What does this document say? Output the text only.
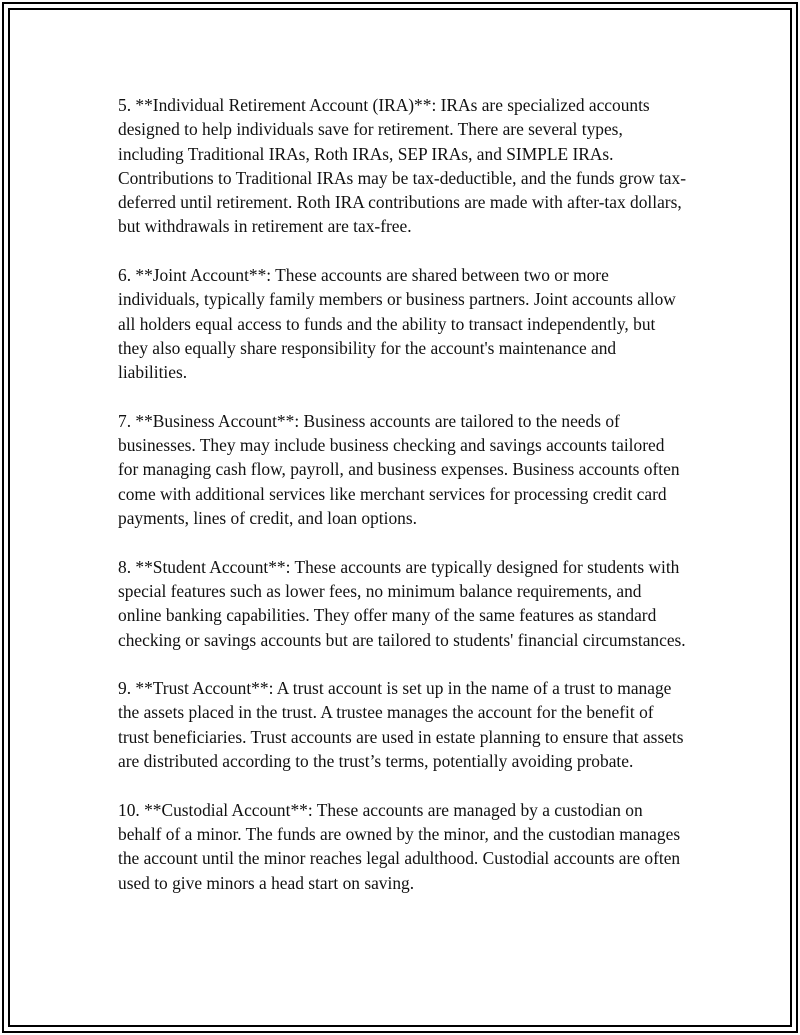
5. **Individual Retirement Account (IRA)**: IRAs are specialized accounts designed to help individuals save for retirement. There are several types, including Traditional IRAs, Roth IRAs, SEP IRAs, and SIMPLE IRAs. Contributions to Traditional IRAs may be tax-deductible, and the funds grow tax-deferred until retirement. Roth IRA contributions are made with after-tax dollars, but withdrawals in retirement are tax-free.

6. **Joint Account**: These accounts are shared between two or more individuals, typically family members or business partners. Joint accounts allow all holders equal access to funds and the ability to transact independently, but they also equally share responsibility for the account's maintenance and liabilities.

7. **Business Account**: Business accounts are tailored to the needs of businesses. They may include business checking and savings accounts tailored for managing cash flow, payroll, and business expenses. Business accounts often come with additional services like merchant services for processing credit card payments, lines of credit, and loan options.

8. **Student Account**: These accounts are typically designed for students with special features such as lower fees, no minimum balance requirements, and online banking capabilities. They offer many of the same features as standard checking or savings accounts but are tailored to students' financial circumstances.

9. **Trust Account**: A trust account is set up in the name of a trust to manage the assets placed in the trust. A trustee manages the account for the benefit of trust beneficiaries. Trust accounts are used in estate planning to ensure that assets are distributed according to the trust’s terms, potentially avoiding probate.

10. **Custodial Account**: These accounts are managed by a custodian on behalf of a minor. The funds are owned by the minor, and the custodian manages the account until the minor reaches legal adulthood. Custodial accounts are often used to give minors a head start on saving.
